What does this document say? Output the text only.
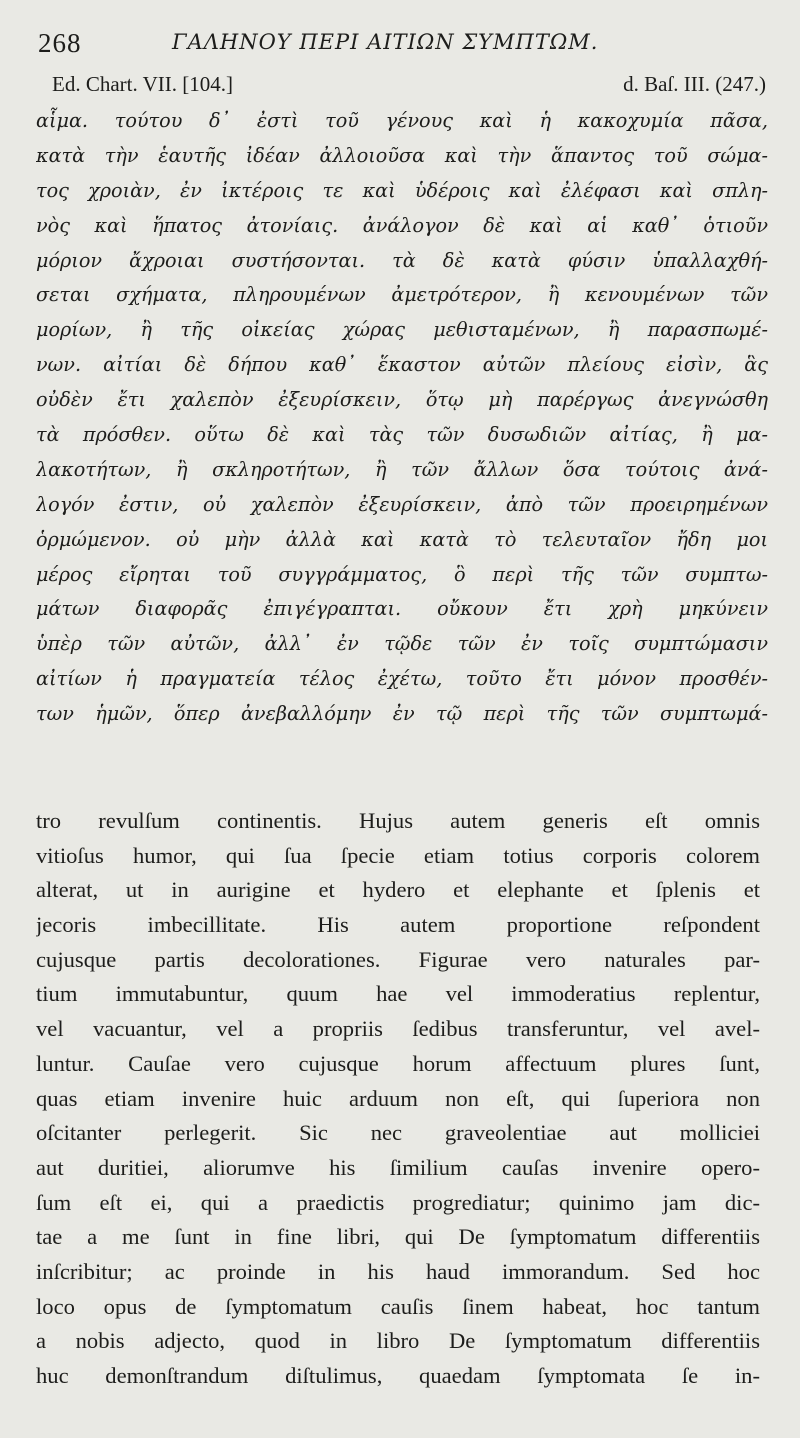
268	ΓΑΛΗΝΟΥ ΠΕΡΙ ΑΙΤΙΩΝ ΣΥΜΠΤΩΜ.
Ed. Chart. VII. [104.]	d. Baſ. III. (247.)
αἷμα. τούτου δ᾽ ἐστὶ τοῦ γένους καὶ ἡ κακοχυμία πᾶσα,
κατὰ τὴν ἑαυτῆς ἰδέαν ἀλλοιοῦσα καὶ τὴν ἅπαντος τοῦ σώμα-
τος χροιὰν, ἐν ἰκτέροις τε καὶ ὑδέροις καὶ ἐλέφασι καὶ σπλη-
νὸς καὶ ἥπατος ἀτονίαις. ἀνάλογον δὲ καὶ αἱ καθ᾽ ὁτιοῦν
μόριον ἄχροιαι συστήσονται. τὰ δὲ κατὰ φύσιν ὑπαλλαχθή-
σεται σχήματα, πληρουμένων ἀμετρότερον, ἢ κενουμένων τῶν
μορίων, ἢ τῆς οἰκείας χώρας μεθισταμένων, ἢ παρασπωμέ-
νων. αἰτίαι δὲ δήπου καθ᾽ ἕκαστον αὐτῶν πλείους εἰσὶν, ἃς
οὐδὲν ἔτι χαλεπὸν ἐξευρίσκειν, ὅτῳ μὴ παρέργως ἀνεγνώσθη
τὰ πρόσθεν. οὕτω δὲ καὶ τὰς τῶν δυσωδιῶν αἰτίας, ἢ μα-
λακοτήτων, ἢ σκληροτήτων, ἢ τῶν ἄλλων ὅσα τούτοις ἀνά-
λογόν ἐστιν, οὐ χαλεπὸν ἐξευρίσκειν, ἀπὸ τῶν προειρημένων
ὁρμώμενον. οὐ μὴν ἀλλὰ καὶ κατὰ τὸ τελευταῖον ἤδη μοι
μέρος εἴρηται τοῦ συγγράμματος, ὃ περὶ τῆς τῶν συμπτω-
μάτων διαφορᾶς ἐπιγέγραπται. οὔκουν ἔτι χρὴ μηκύνειν
ὑπὲρ τῶν αὐτῶν, ἀλλ᾽ ἐν τῷδε τῶν ἐν τοῖς συμπτώμασιν
αἰτίων ἡ πραγματεία τέλος ἐχέτω, τοῦτο ἔτι μόνον προσθέν-
των ἡμῶν, ὅπερ ἀνεβαλλόμην ἐν τῷ περὶ τῆς τῶν συμπτωμά-
tro revulſum continentis. Hujus autem generis eſt omnis
vitioſus humor, qui ſua ſpecie etiam totius corporis colorem
alterat, ut in aurigine et hydero et elephante et ſplenis et
jecoris imbecillitate. His autem proportione reſpondent
cujusque partis decolorationes. Figurae vero naturales par-
tium immutabuntur, quum hae vel immoderatius replentur,
vel vacuantur, vel a propriis ſedibus transferuntur, vel avel-
luntur. Cauſae vero cujusque horum affectuum plures ſunt,
quas etiam invenire huic arduum non eſt, qui ſuperiora non
oſcitanter perlegerit. Sic nec graveolentiae aut molliciei
aut duritiei, aliorumve his ſimilium cauſas invenire opero-
ſum eſt ei, qui a praedictis progrediatur; quinimo jam dic-
tae a me ſunt in fine libri, qui De ſymptomatum differentiis
inſcribitur; ac proinde in his haud immorandum. Sed hoc
loco opus de ſymptomatum cauſis ſinem habeat, hoc tantum
a nobis adjecto, quod in libro De ſymptomatum differentiis
huc demonſtrandum diſtulimus, quaedam ſymptomata ſe in-
